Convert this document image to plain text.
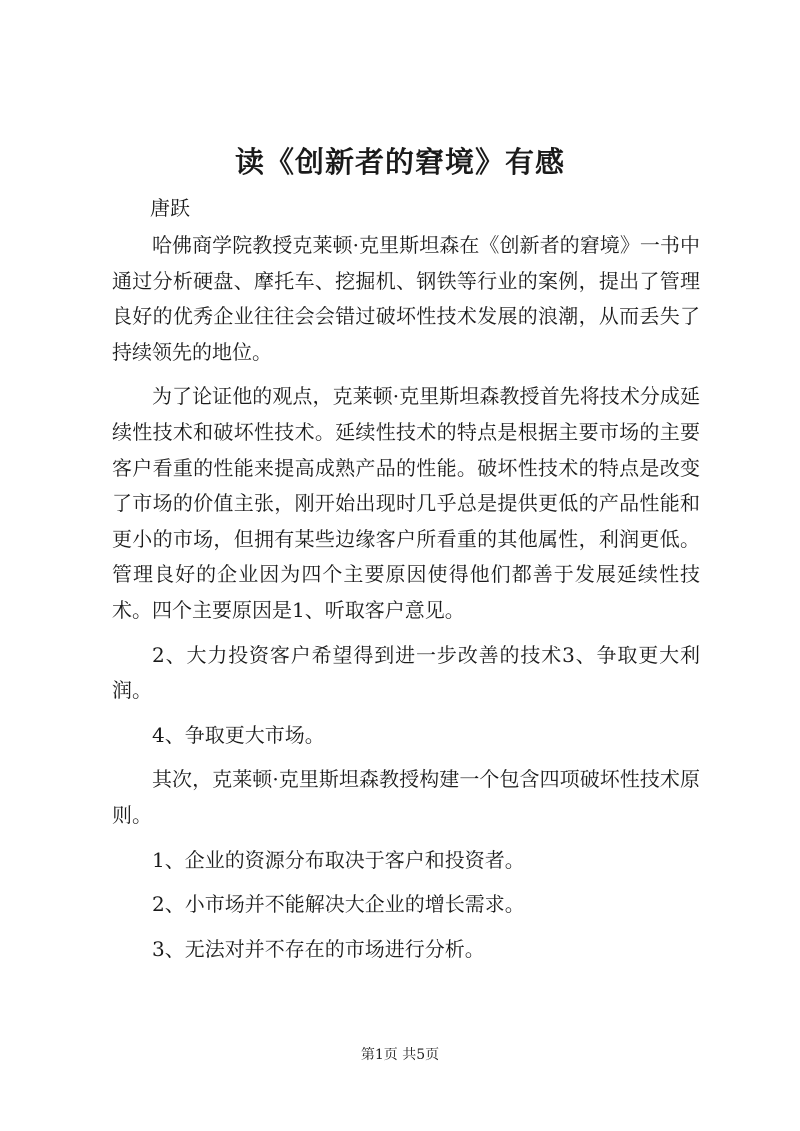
读《创新者的窘境》有感

唐跃

哈佛商学院教授克莱顿·克里斯坦森在《创新者的窘境》一书中通过分析硬盘、摩托车、挖掘机、钢铁等行业的案例，提出了管理良好的优秀企业往往会会错过破坏性技术发展的浪潮，从而丢失了持续领先的地位。

为了论证他的观点，克莱顿·克里斯坦森教授首先将技术分成延续性技术和破坏性技术。延续性技术的特点是根据主要市场的主要客户看重的性能来提高成熟产品的性能。破坏性技术的特点是改变了市场的价值主张，刚开始出现时几乎总是提供更低的产品性能和更小的市场，但拥有某些边缘客户所看重的其他属性，利润更低。管理良好的企业因为四个主要原因使得他们都善于发展延续性技术。四个主要原因是1、听取客户意见。

2、大力投资客户希望得到进一步改善的技术3、争取更大利润。

4、争取更大市场。

其次，克莱顿·克里斯坦森教授构建一个包含四项破坏性技术原则。

1、企业的资源分布取决于客户和投资者。

2、小市场并不能解决大企业的增长需求。

3、无法对并不存在的市场进行分析。

第1页 共5页
